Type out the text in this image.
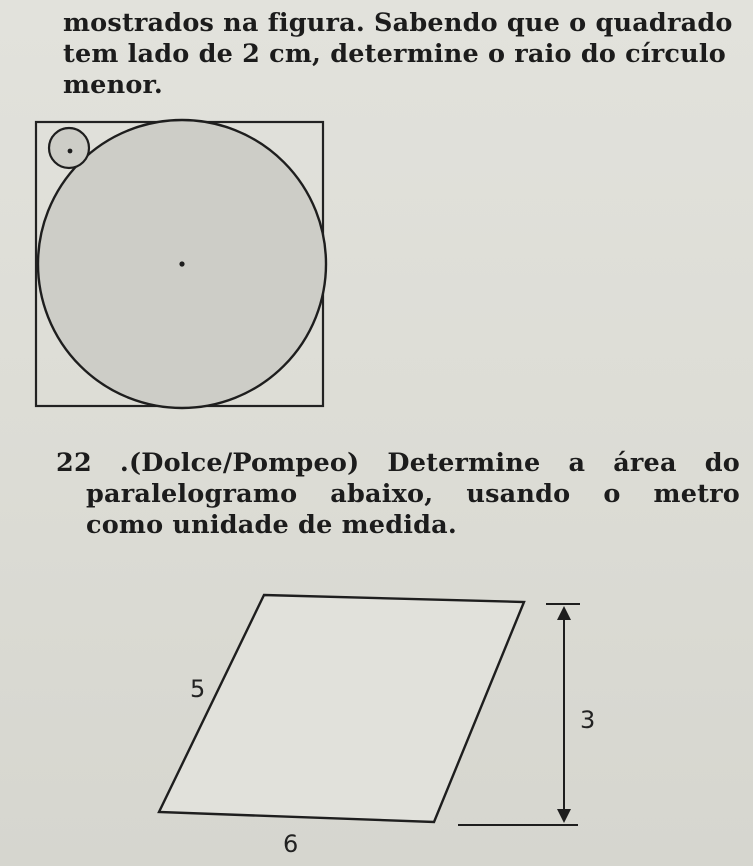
mostrados na figura. Sabendo que o quadrado
tem lado de 2 cm, determine o raio do círculo
menor.
22 .(Dolce/Pompeo) Determine a área do
paralelogramo abaixo, usando o metro
como unidade de medida.
5
3
6
